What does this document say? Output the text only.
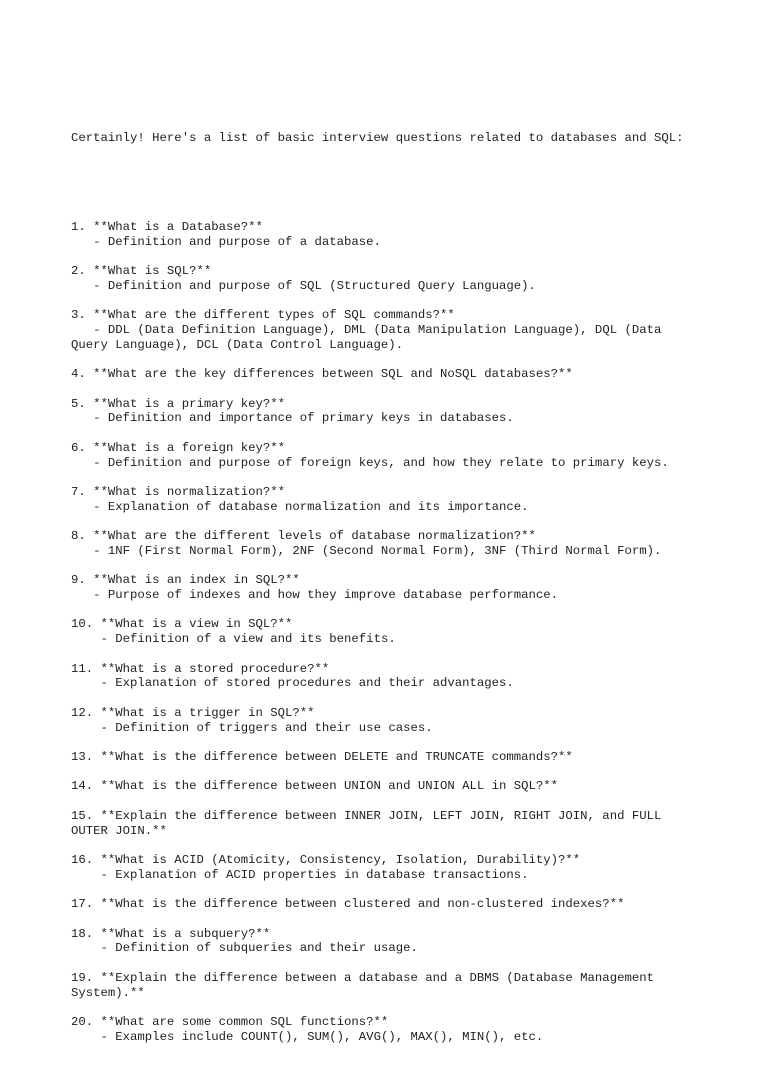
Certainly! Here's a list of basic interview questions related to databases and SQL:

1. **What is a Database?**
- Definition and purpose of a database.
2. **What is SQL?**
- Definition and purpose of SQL (Structured Query Language).
3. **What are the different types of SQL commands?**
- DDL (Data Definition Language), DML (Data Manipulation Language), DQL (Data
Query Language), DCL (Data Control Language).
4. **What are the key differences between SQL and NoSQL databases?**
5. **What is a primary key?**
- Definition and importance of primary keys in databases.
6. **What is a foreign key?**
- Definition and purpose of foreign keys, and how they relate to primary keys.
7. **What is normalization?**
- Explanation of database normalization and its importance.
8. **What are the different levels of database normalization?**
- 1NF (First Normal Form), 2NF (Second Normal Form), 3NF (Third Normal Form).
9. **What is an index in SQL?**
- Purpose of indexes and how they improve database performance.
10. **What is a view in SQL?**
- Definition of a view and its benefits.
11. **What is a stored procedure?**
- Explanation of stored procedures and their advantages.
12. **What is a trigger in SQL?**
- Definition of triggers and their use cases.
13. **What is the difference between DELETE and TRUNCATE commands?**
14. **What is the difference between UNION and UNION ALL in SQL?**
15. **Explain the difference between INNER JOIN, LEFT JOIN, RIGHT JOIN, and FULL
OUTER JOIN.**
16. **What is ACID (Atomicity, Consistency, Isolation, Durability)?**
- Explanation of ACID properties in database transactions.
17. **What is the difference between clustered and non-clustered indexes?**
18. **What is a subquery?**
- Definition of subqueries and their usage.
19. **Explain the difference between a database and a DBMS (Database Management
System).**
20. **What are some common SQL functions?**
- Examples include COUNT(), SUM(), AVG(), MAX(), MIN(), etc.
